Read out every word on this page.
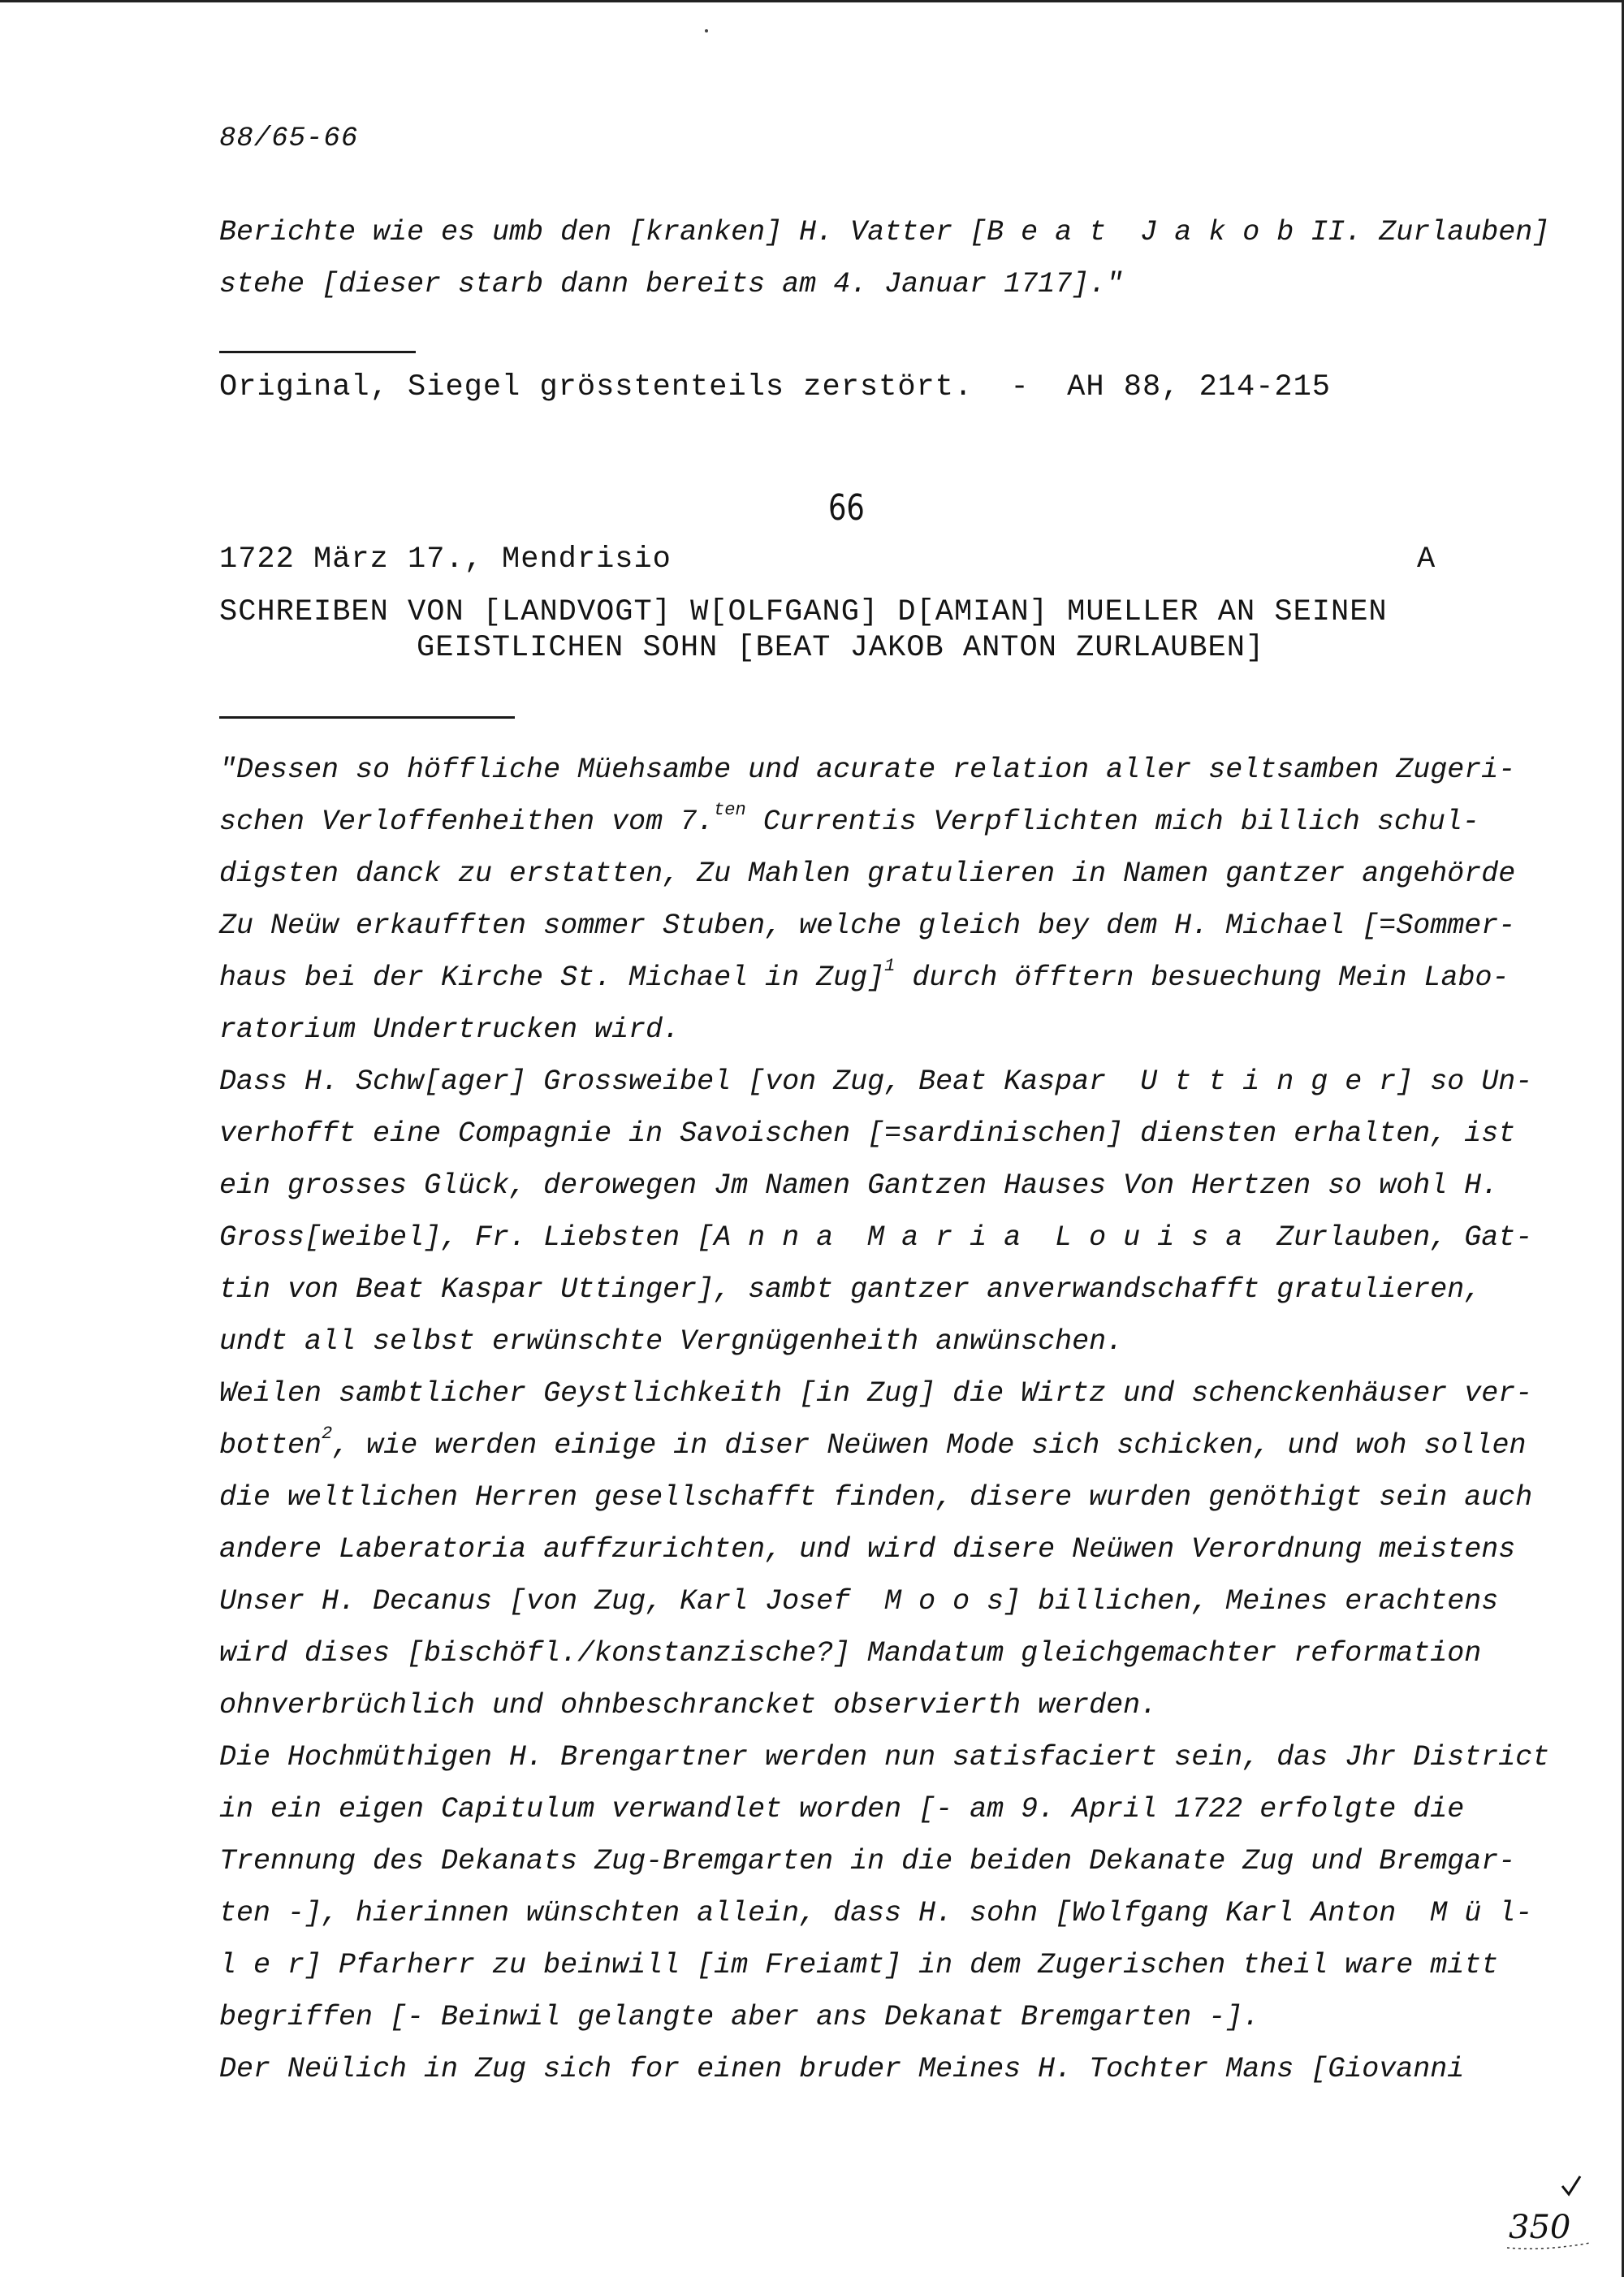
88/65-66
Berichte wie es umb den [kranken] H. Vatter [B e a t  J a k o b II. Zurlauben]
stehe [dieser starb dann bereits am 4. Januar 1717]."
Original, Siegel grösstenteils zerstört.  -  AH 88, 214-215
66
1722 März 17., Mendrisio	A
SCHREIBEN VON [LANDVOGT] W[OLFGANG] D[AMIAN] MUELLER AN SEINEN
GEISTLICHEN SOHN [BEAT JAKOB ANTON ZURLAUBEN]
"Dessen so höffliche Müehsambe und acurate relation aller seltsamben Zugeri-
schen Verloffenheithen vom 7.$^{ten}$ Currentis Verpflichten mich billich schul-
digsten danck zu erstatten, Zu Mahlen gratulieren in Namen gantzer angehörde
Zu Neüw erkaufften sommer Stuben, welche gleich bey dem H. Michael [=Sommer-
haus bei der Kirche St. Michael in Zug]$^1$ durch öfftern besuechung Mein Labo-
ratorium Undertrucken wird.
Dass H. Schw[ager] Grossweibel [von Zug, Beat Kaspar  U t t i n g e r] so Un-
verhofft eine Compagnie in Savoischen [=sardinischen] diensten erhalten, ist
ein grosses Glück, derowegen Jm Namen Gantzen Hauses Von Hertzen so wohl H.
Gross[weibel], Fr. Liebsten [A n n a  M a r i a  L o u i s a  Zurlauben, Gat-
tin von Beat Kaspar Uttinger], sambt gantzer anverwandschafft gratulieren,
undt all selbst erwünschte Vergnügenheith anwünschen.
Weilen sambtlicher Geystlichkeith [in Zug] die Wirtz und schenckenhäuser ver-
botten$^2$, wie werden einige in diser Neüwen Mode sich schicken, und woh sollen
die weltlichen Herren gesellschafft finden, disere wurden genöthigt sein auch
andere Laberatoria auffzurichten, und wird disere Neüwen Verordnung meistens
Unser H. Decanus [von Zug, Karl Josef  M o o s] billichen, Meines erachtens
wird dises [bischöfl./konstanzische?] Mandatum gleichgemachter reformation
ohnverbrüchlich und ohnbeschrancket observierth werden.
Die Hochmüthigen H. Brengartner werden nun satisfaciert sein, das Jhr District
in ein eigen Capitulum verwandlet worden [- am 9. April 1722 erfolgte die
Trennung des Dekanats Zug-Bremgarten in die beiden Dekanate Zug und Bremgar-
ten -], hierinnen wünschten allein, dass H. sohn [Wolfgang Karl Anton  M ü l-
l e r] Pfarherr zu beinwill [im Freiamt] in dem Zugerischen theil ware mitt
begriffen [- Beinwil gelangte aber ans Dekanat Bremgarten -].
Der Neülich in Zug sich for einen bruder Meines H. Tochter Mans [Giovanni
350
